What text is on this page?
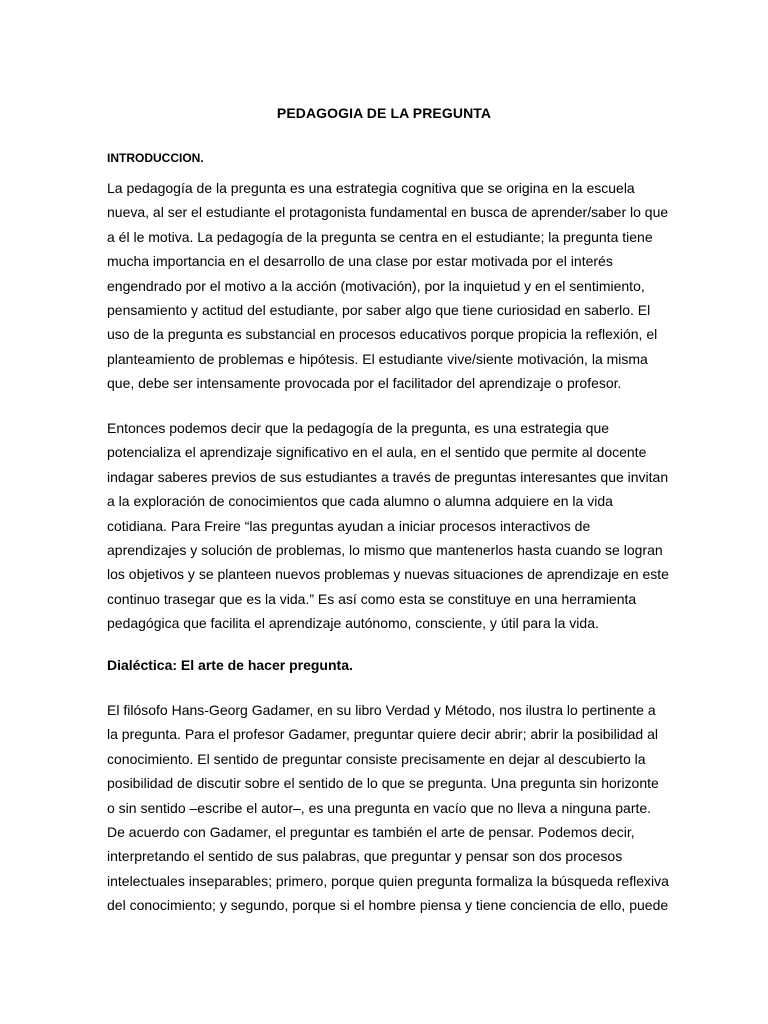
PEDAGOGIA DE LA PREGUNTA
INTRODUCCION.
La pedagogía de la pregunta es una estrategia cognitiva que se origina en la escuela
nueva, al ser el estudiante el protagonista fundamental en busca de aprender/saber lo que
a él le motiva. La pedagogía de la pregunta se centra en el estudiante; la pregunta tiene
mucha importancia en el desarrollo de una clase por estar motivada por el interés
engendrado por el motivo a la acción (motivación), por la inquietud y en el sentimiento,
pensamiento y actitud del estudiante, por saber algo que tiene curiosidad en saberlo. El
uso de la pregunta es substancial en procesos educativos porque propicia la reflexión, el
planteamiento de problemas e hipótesis. El estudiante vive/siente motivación, la misma
que, debe ser intensamente provocada por el facilitador del aprendizaje o profesor.
Entonces podemos decir que la pedagogía de la pregunta, es una estrategia que
potencializa el aprendizaje significativo en el aula, en el sentido que permite al docente
indagar saberes previos de sus estudiantes a través de preguntas interesantes que invitan
a la exploración de conocimientos que cada alumno o alumna adquiere en la vida
cotidiana. Para Freire “las preguntas ayudan a iniciar procesos interactivos de
aprendizajes y solución de problemas, lo mismo que mantenerlos hasta cuando se logran
los objetivos y se planteen nuevos problemas y nuevas situaciones de aprendizaje en este
continuo trasegar que es la vida.” Es así como esta se constituye en una herramienta
pedagógica que facilita el aprendizaje autónomo, consciente, y útil para la vida.
Dialéctica: El arte de hacer pregunta.
El filósofo Hans-Georg Gadamer, en su libro Verdad y Método, nos ilustra lo pertinente a
la pregunta. Para el profesor Gadamer, preguntar quiere decir abrir; abrir la posibilidad al
conocimiento. El sentido de preguntar consiste precisamente en dejar al descubierto la
posibilidad de discutir sobre el sentido de lo que se pregunta. Una pregunta sin horizonte
o sin sentido –escribe el autor–, es una pregunta en vacío que no lleva a ninguna parte.
De acuerdo con Gadamer, el preguntar es también el arte de pensar. Podemos decir,
interpretando el sentido de sus palabras, que preguntar y pensar son dos procesos
intelectuales inseparables; primero, porque quien pregunta formaliza la búsqueda reflexiva
del conocimiento; y segundo, porque si el hombre piensa y tiene conciencia de ello, puede
